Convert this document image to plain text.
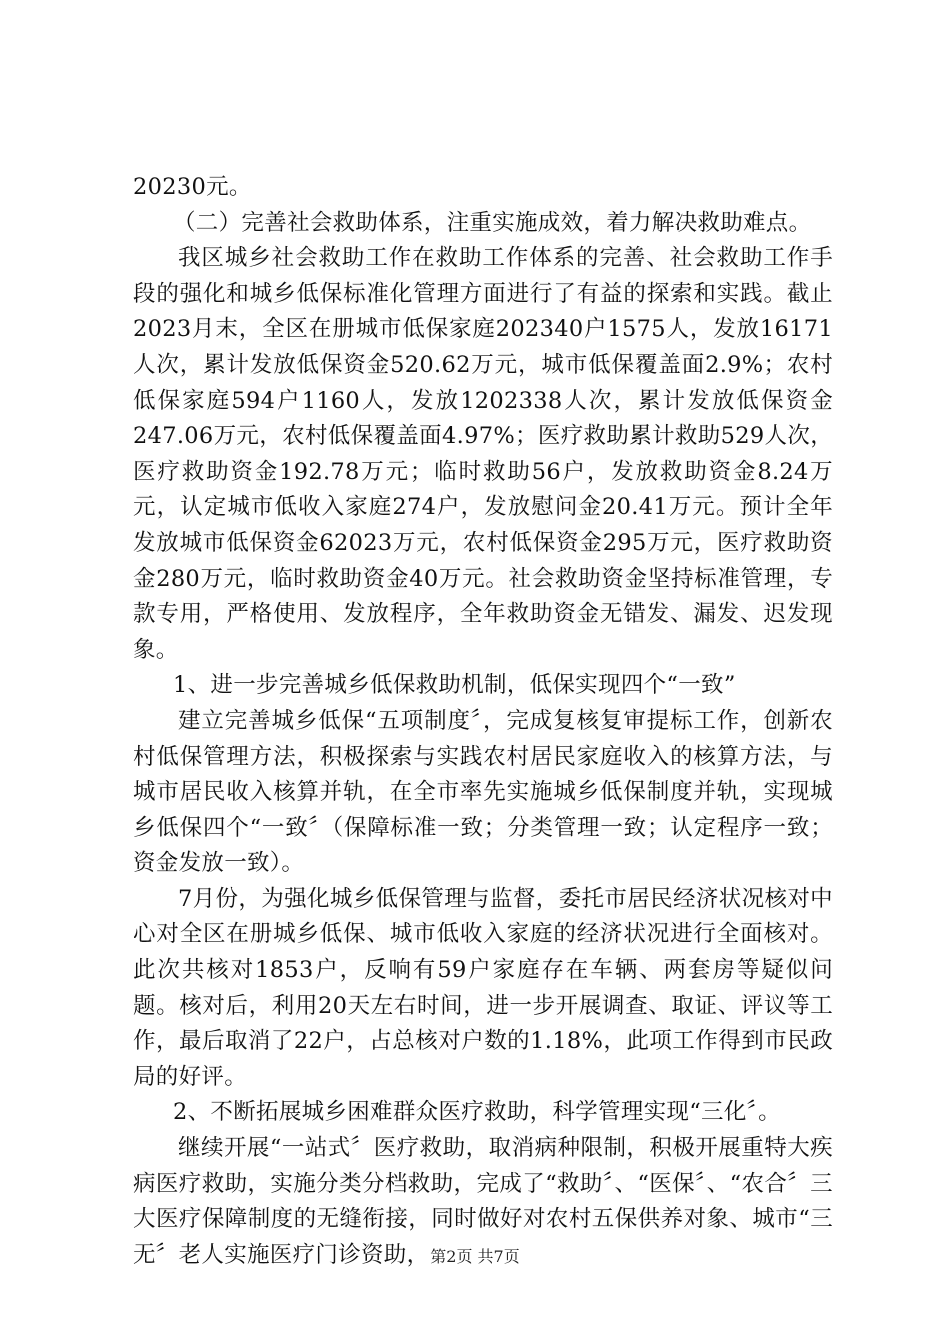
20230元。

（二）完善社会救助体系，注重实施成效，着力解决救助难点。

我区城乡社会救助工作在救助工作体系的完善、社会救助工作手段的强化和城乡低保标准化管理方面进行了有益的探索和实践。截止2023月末，全区在册城市低保家庭202340户1575人，发放16171人次，累计发放低保资金520.62万元，城市低保覆盖面2.9%；农村低保家庭594户1160人，发放1202338人次，累计发放低保资金247.06万元，农村低保覆盖面4.97%；医疗救助累计救助529人次，医疗救助资金192.78万元；临时救助56户，发放救助资金8.24万元，认定城市低收入家庭274户，发放慰问金20.41万元。预计全年发放城市低保资金62023万元，农村低保资金295万元，医疗救助资金280万元，临时救助资金40万元。社会救助资金坚持标准管理，专款专用，严格使用、发放程序，全年救助资金无错发、漏发、迟发现象。

1、进一步完善城乡低保救助机制，低保实现四个“一致”

建立完善城乡低保“五项制度〞，完成复核复审提标工作，创新农村低保管理方法，积极探索与实践农村居民家庭收入的核算方法，与城市居民收入核算并轨，在全市率先实施城乡低保制度并轨，实现城乡低保四个“一致〞（保障标准一致；分类管理一致；认定程序一致；资金发放一致）。

7月份，为强化城乡低保管理与监督，委托市居民经济状况核对中心对全区在册城乡低保、城市低收入家庭的经济状况进行全面核对。此次共核对1853户，反响有59户家庭存在车辆、两套房等疑似问题。核对后，利用20天左右时间，进一步开展调查、取证、评议等工作，最后取消了22户，占总核对户数的1.18%，此项工作得到市民政局的好评。

2、不断拓展城乡困难群众医疗救助，科学管理实现“三化〞。

继续开展“一站式〞医疗救助，取消病种限制，积极开展重特大疾病医疗救助，实施分类分档救助，完成了“救助〞、“医保〞、“农合〞三大医疗保障制度的无缝衔接，同时做好对农村五保供养对象、城市“三无〞老人实施医疗门诊资助， 第2页 共7页
